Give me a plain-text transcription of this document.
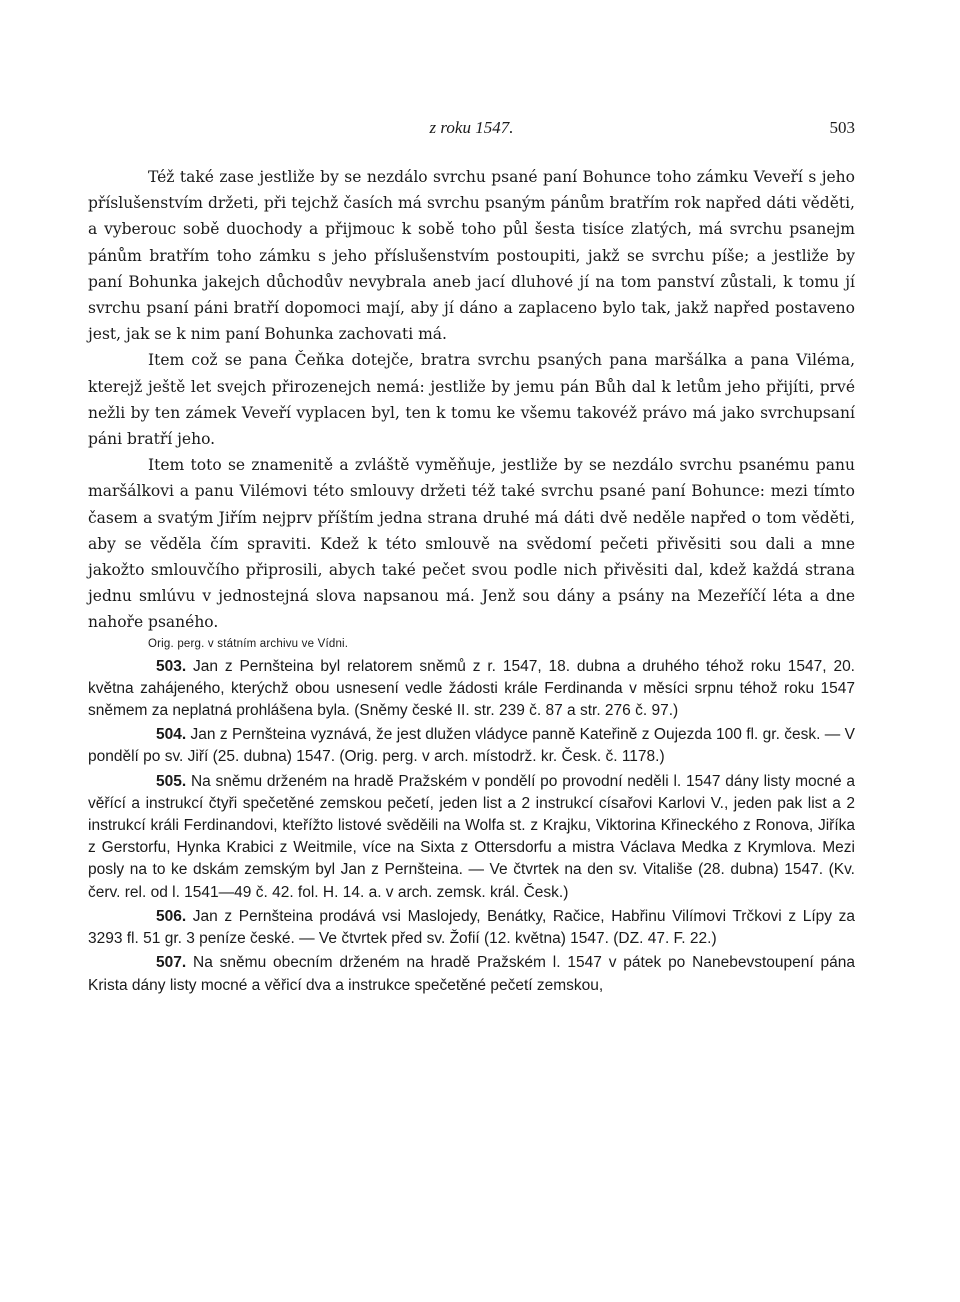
z roku 1547.	503

Též také zase jestliže by se nezdálo svrchu psané paní Bohunce toho zámku Veveří s jeho příslušenstvím držeti, při tejchž časích má svrchu psaným pánům bratřím rok napřed dáti věděti, a vyberouc sobě duochody a přijmouc k sobě toho půl šesta tisíce zlatých, má svrchu psanejm pánům bratřím toho zámku s jeho příslušenstvím postoupiti, jakž se svrchu píše; a jestliže by paní Bohunka jakejch důchodův nevybrala aneb jací dluhové jí na tom panství zůstali, k tomu jí svrchu psaní páni bratří dopomoci mají, aby jí dáno a zaplaceno bylo tak, jakž napřed postaveno jest, jak se k nim paní Bohunka zachovati má.

Item což se pana Čeňka dotejče, bratra svrchu psaných pana maršálka a pana Viléma, kterejž ještě let svejch přirozenejch nemá: jestliže by jemu pán Bůh dal k letům jeho přijíti, prvé nežli by ten zámek Veveří vyplacen byl, ten k tomu ke všemu takovéž právo má jako svrchupsaní páni bratří jeho.

Item toto se znamenitě a zvláště vyměňuje, jestliže by se nezdálo svrchu psanému panu maršálkovi a panu Vilémovi této smlouvy držeti též také svrchu psané paní Bohunce: mezi tímto časem a svatým Jiřím nejprv příštím jedna strana druhé má dáti dvě neděle napřed o tom věděti, aby se věděla čím spraviti. Kdež k této smlouvě na svědomí pečeti přivěsiti sou dali a mne jakožto smlouvčího připrosili, abych také pečet svou podle nich přivěsiti dal, kdež každá strana jednu smlúvu v jednostejná slova napsanou má. Jenž sou dány a psány na Mezeříčí léta a dne nahoře psaného.

Orig. perg. v státním archivu ve Vídni.

503. Jan z Pernšteina byl relatorem sněmů z r. 1547, 18. dubna a druhého téhož roku 1547, 20. května zahájeného, kterýchž obou usnesení vedle žádosti krále Ferdinanda v měsíci srpnu téhož roku 1547 sněmem za neplatná prohlášena byla. (Sněmy české II. str. 239 č. 87 a str. 276 č. 97.)

504. Jan z Pernšteina vyznává, že jest dlužen vládyce panně Kateřině z Oujezda 100 ﬂ. gr. česk. — V pondělí po sv. Jiří (25. dubna) 1547. (Orig. perg. v arch. místodrž. kr. Česk. č. 1178.)

505. Na sněmu drženém na hradě Pražském v pondělí po provodní neděli l. 1547 dány listy mocné a věřící a instrukcí čtyři spečetěné zemskou pečetí, jeden list a 2 instrukcí císařovi Karlovi V., jeden pak list a 2 instrukcí králi Ferdinandovi, kteřížto listové svěděili na Wolfa st. z Krajku, Viktorina Křineckého z Ronova, Jiříka z Gerstorfu, Hynka Krabici z Weitmile, více na Sixta z Ottersdorfu a mistra Václava Medka z Krymlova. Mezi posly na to ke dskám zemským byl Jan z Pernšteina. — Ve čtvrtek na den sv. Vitališe (28. dubna) 1547. (Kv. červ. rel. od l. 1541—49 č. 42. fol. H. 14. a. v arch. zemsk. král. Česk.)

506. Jan z Pernšteina prodává vsi Maslojedy, Benátky, Račice, Habřinu Vilímovi Trčkovi z Lípy za 3293 ﬂ. 51 gr. 3 peníze české. — Ve čtvrtek před sv. Žofií (12. května) 1547. (DZ. 47. F. 22.)

507. Na sněmu obecním drženém na hradě Pražském l. 1547 v pátek po Nanebevstoupení pána Krista dány listy mocné a věřicí dva a instrukce spečetěné pečetí zemskou,
